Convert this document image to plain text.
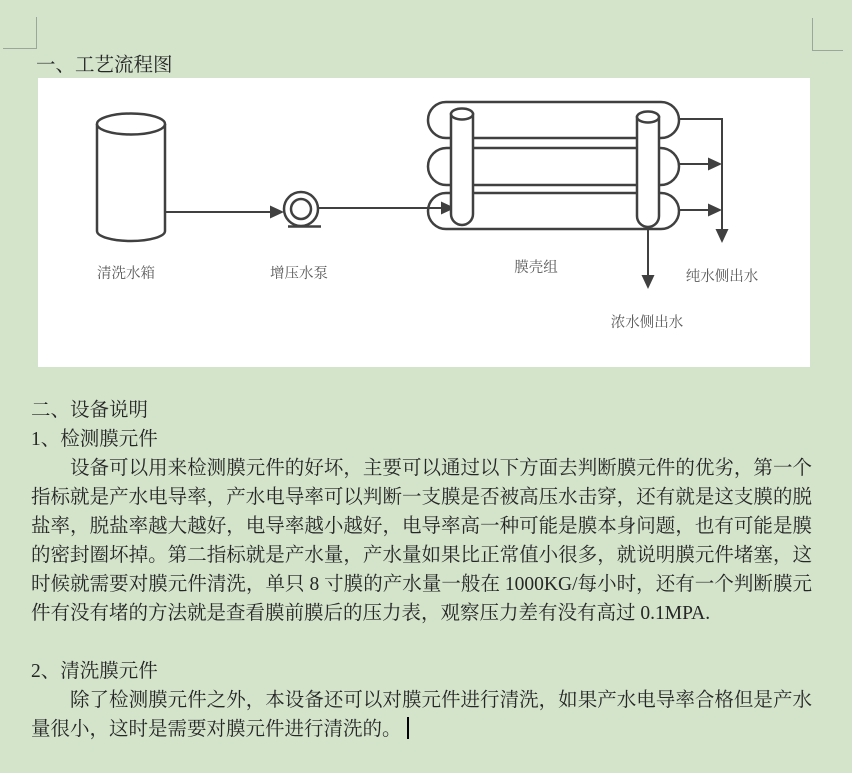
一、工艺流程图
清洗水箱	增压水泵	膜壳组
纯水侧出水
浓水侧出水
二、设备说明
1、检测膜元件
设备可以用来检测膜元件的好坏，主要可以通过以下方面去判断膜元件的优劣，第一个
指标就是产水电导率，产水电导率可以判断一支膜是否被高压水击穿，还有就是这支膜的脱
盐率，脱盐率越大越好，电导率越小越好，电导率高一种可能是膜本身问题，也有可能是膜
的密封圈坏掉。第二指标就是产水量，产水量如果比正常值小很多，就说明膜元件堵塞，这
时候就需要对膜元件清洗，单只 8 寸膜的产水量一般在 1000KG/每小时，还有一个判断膜元
件有没有堵的方法就是查看膜前膜后的压力表，观察压力差有没有高过 0.1MPA.
2、清洗膜元件
除了检测膜元件之外，本设备还可以对膜元件进行清洗，如果产水电导率合格但是产水
量很小，这时是需要对膜元件进行清洗的。
